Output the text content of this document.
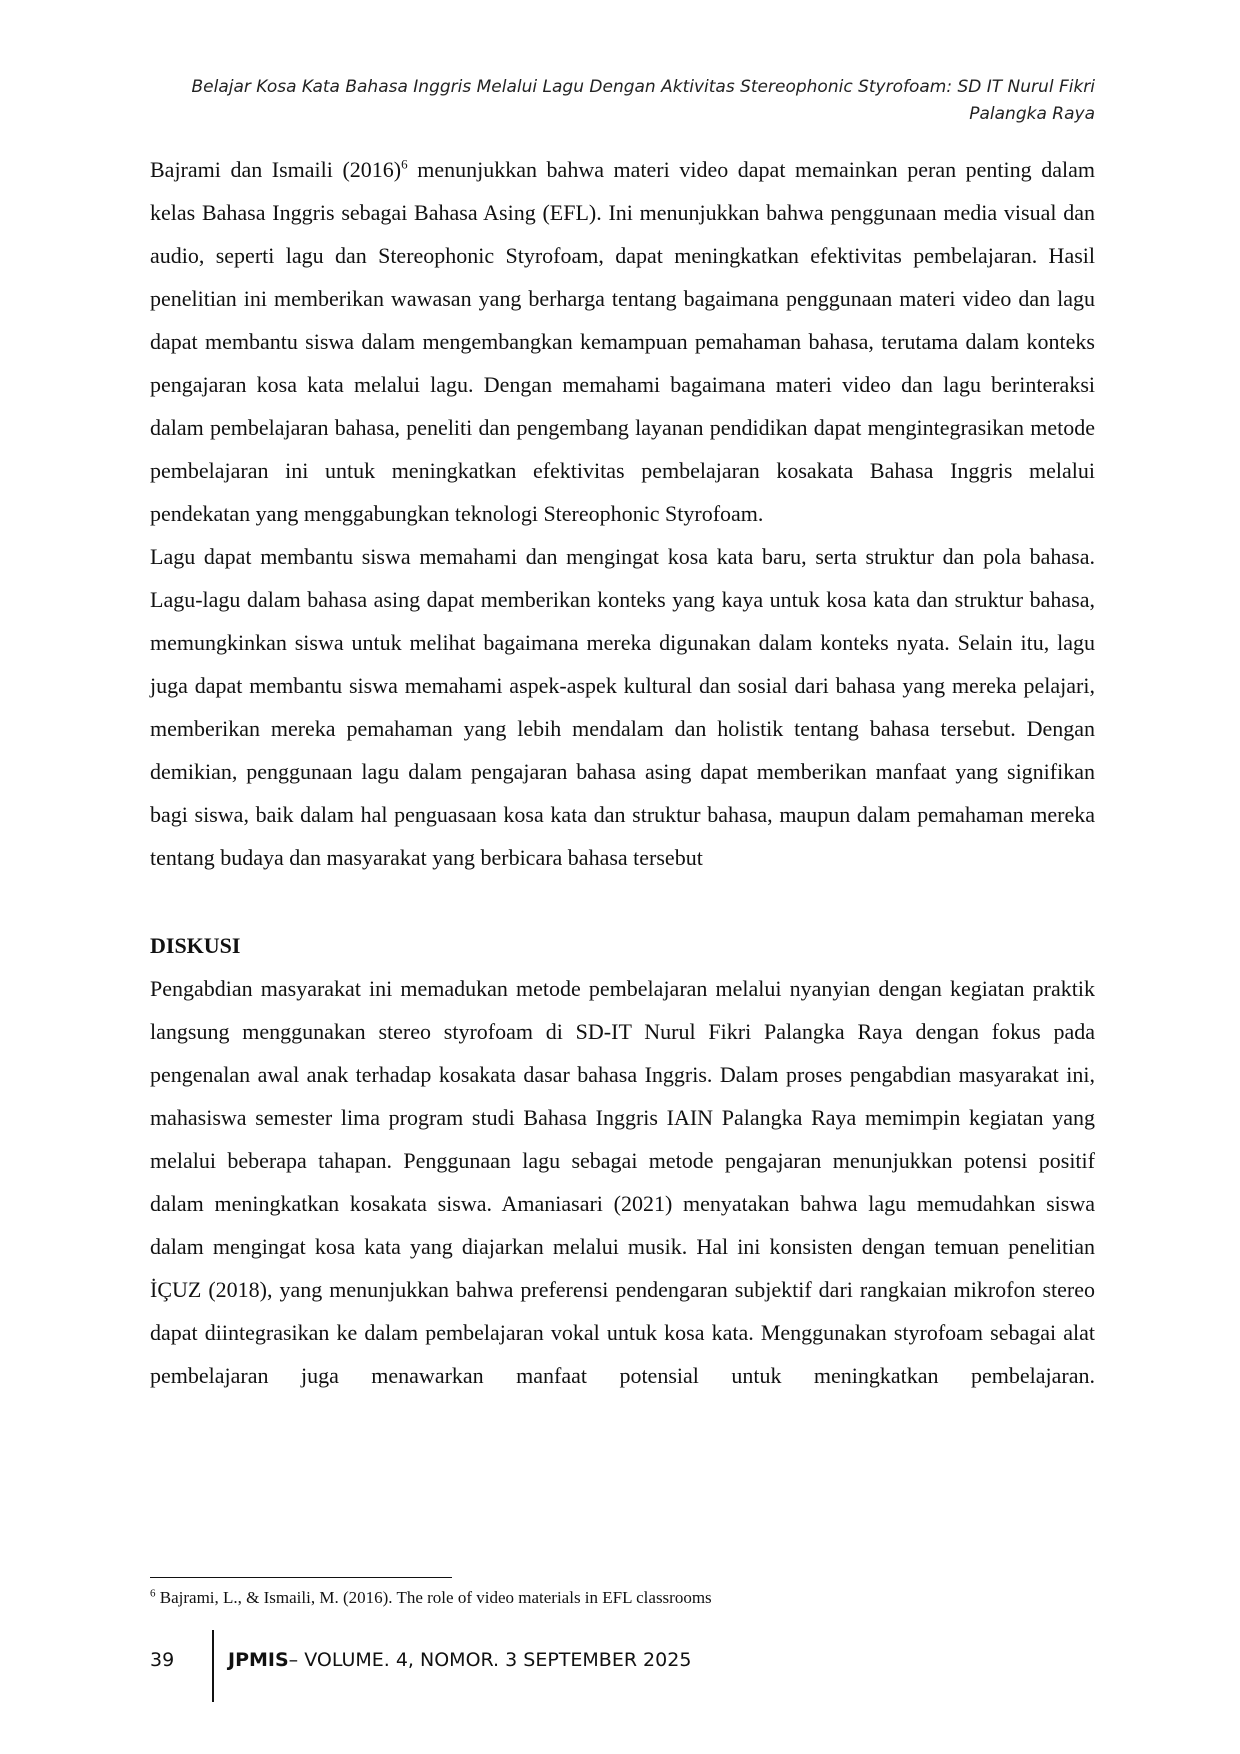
Belajar Kosa Kata Bahasa Inggris Melalui Lagu Dengan Aktivitas Stereophonic Styrofoam: SD IT Nurul Fikri
Palangka Raya

Bajrami dan Ismaili $(2016)^6$ menunjukkan bahwa materi video dapat memainkan peran penting dalam kelas Bahasa Inggris sebagai Bahasa Asing (EFL). Ini menunjukkan bahwa penggunaan media visual dan audio, seperti lagu dan Stereophonic Styrofoam, dapat meningkatkan efektivitas pembelajaran. Hasil penelitian ini memberikan wawasan yang berharga tentang bagaimana penggunaan materi video dan lagu dapat membantu siswa dalam mengembangkan kemampuan pemahaman bahasa, terutama dalam konteks pengajaran kosa kata melalui lagu. Dengan memahami bagaimana materi video dan lagu berinteraksi dalam pembelajaran bahasa, peneliti dan pengembang layanan pendidikan dapat mengintegrasikan metode pembelajaran ini untuk meningkatkan efektivitas pembelajaran kosakata Bahasa Inggris melalui pendekatan yang menggabungkan teknologi Stereophonic Styrofoam.

Lagu dapat membantu siswa memahami dan mengingat kosa kata baru, serta struktur dan pola bahasa. Lagu-lagu dalam bahasa asing dapat memberikan konteks yang kaya untuk kosa kata dan struktur bahasa, memungkinkan siswa untuk melihat bagaimana mereka digunakan dalam konteks nyata. Selain itu, lagu juga dapat membantu siswa memahami aspek-aspek kultural dan sosial dari bahasa yang mereka pelajari, memberikan mereka pemahaman yang lebih mendalam dan holistik tentang bahasa tersebut. Dengan demikian, penggunaan lagu dalam pengajaran bahasa asing dapat memberikan manfaat yang signifikan bagi siswa, baik dalam hal penguasaan kosa kata dan struktur bahasa, maupun dalam pemahaman mereka tentang budaya dan masyarakat yang berbicara bahasa tersebut

DISKUSI

Pengabdian masyarakat ini memadukan metode pembelajaran melalui nyanyian dengan kegiatan praktik langsung menggunakan stereo styrofoam di SD-IT Nurul Fikri Palangka Raya dengan fokus pada pengenalan awal anak terhadap kosakata dasar bahasa Inggris. Dalam proses pengabdian masyarakat ini, mahasiswa semester lima program studi Bahasa Inggris IAIN Palangka Raya memimpin kegiatan yang melalui beberapa tahapan. Penggunaan lagu sebagai metode pengajaran menunjukkan potensi positif dalam meningkatkan kosakata siswa. Amaniasari (2021) menyatakan bahwa lagu memudahkan siswa dalam mengingat kosa kata yang diajarkan melalui musik. Hal ini konsisten dengan temuan penelitian İÇUZ (2018), yang menunjukkan bahwa preferensi pendengaran subjektif dari rangkaian mikrofon stereo dapat diintegrasikan ke dalam pembelajaran vokal untuk kosa kata. Menggunakan styrofoam sebagai alat pembelajaran juga menawarkan manfaat potensial untuk meningkatkan pembelajaran.

$^6$ Bajrami, L., & Ismaili, M. (2016). The role of video materials in EFL classrooms
39	JPMIS– VOLUME. 4, NOMOR. 3 SEPTEMBER 2025
